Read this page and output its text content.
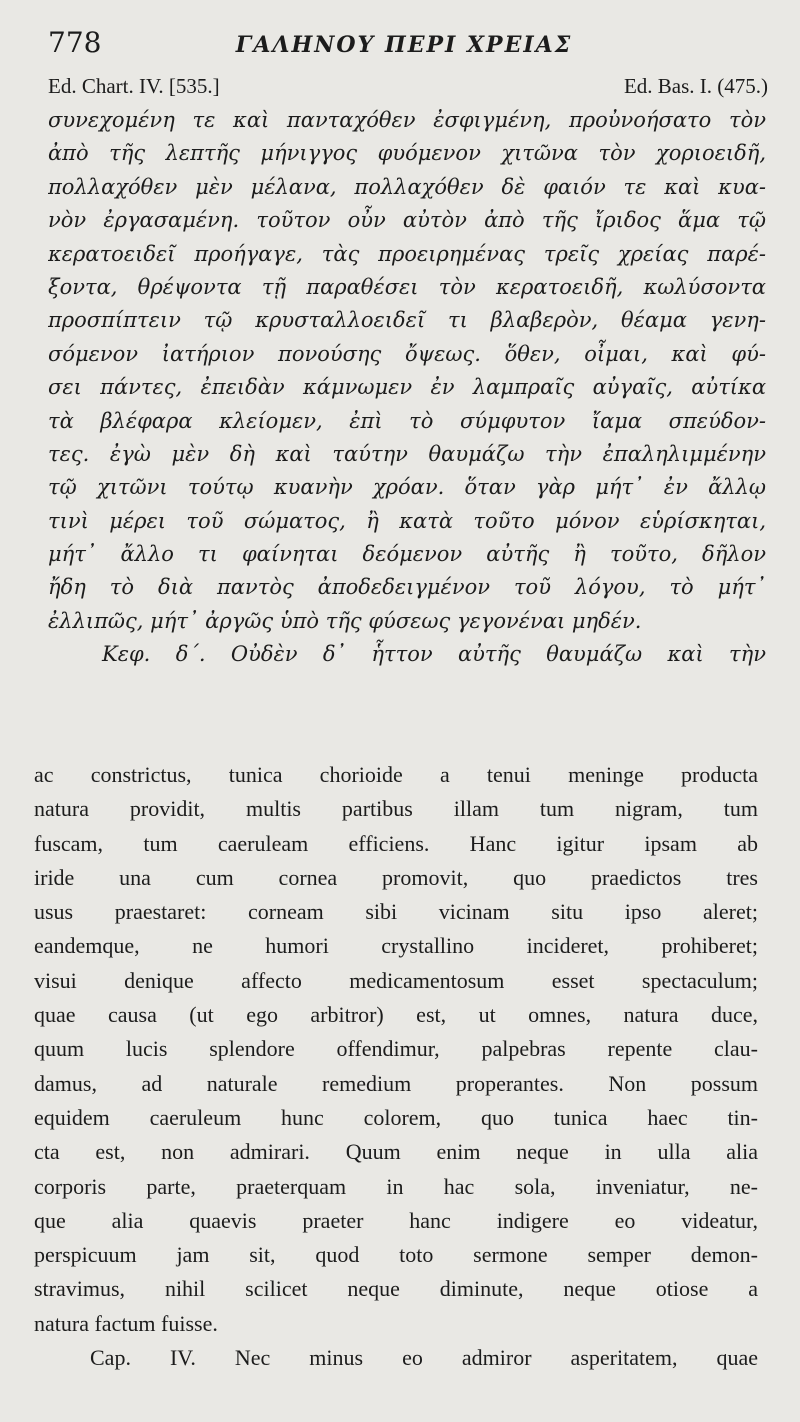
778	ΓΑΛΗΝΟΥ ΠΕΡΙ ΧΡΕΙΑΣ
Ed. Chart. IV. [535.]	Ed. Bas. I. (475.)
συνεχομένη τε καὶ πανταχόθεν ἐσφιγμένη, προὐνοήσατο τὸν
ἀπὸ τῆς λεπτῆς μήνιγγος φυόμενον χιτῶνα τὸν χοριοειδῆ,
πολλαχόθεν μὲν μέλανα, πολλαχόθεν δὲ φαιόν τε καὶ κυα-
νὸν ἐργασαμένη. τοῦτον οὖν αὐτὸν ἀπὸ τῆς ἴριδος ἅμα τῷ
κερατοειδεῖ προήγαγε, τὰς προειρημένας τρεῖς χρείας παρέ-
ξοντα, θρέψοντα τῇ παραθέσει τὸν κερατοειδῆ, κωλύσοντα
προσπίπτειν τῷ κρυσταλλοειδεῖ τι βλαβερὸν, θέαμα γενη-
σόμενον ἰατήριον πονούσης ὄψεως. ὅθεν, οἶμαι, καὶ φύ-
σει πάντες, ἐπειδὰν κάμνωμεν ἐν λαμπραῖς αὐγαῖς, αὐτίκα
τὰ βλέφαρα κλείομεν, ἐπὶ τὸ σύμφυτον ἴαμα σπεύδον-
τες. ἐγὼ μὲν δὴ καὶ ταύτην θαυμάζω τὴν ἐπαληλιμμένην
τῷ χιτῶνι τούτῳ κυανὴν χρόαν. ὅταν γὰρ μήτ᾽ ἐν ἄλλῳ
τινὶ μέρει τοῦ σώματος, ἢ κατὰ τοῦτο μόνον εὑρίσκηται,
μήτ᾽ ἄλλο τι φαίνηται δεόμενον αὐτῆς ἢ τοῦτο, δῆλον
ἤδη τὸ διὰ παντὸς ἀποδεδειγμένον τοῦ λόγου, τὸ μήτ᾽
ἐλλιπῶς, μήτ᾽ ἀργῶς ὑπὸ τῆς φύσεως γεγονέναι μηδέν.
Κεφ. δ΄. Οὐδὲν δ᾽ ἧττον αὐτῆς θαυμάζω καὶ τὴν
ac constrictus, tunica chorioide a tenui meninge producta
natura providit, multis partibus illam tum nigram, tum
fuscam, tum caeruleam efficiens. Hanc igitur ipsam ab
iride una cum cornea promovit, quo praedictos tres
usus praestaret: corneam sibi vicinam situ ipso aleret;
eandemque, ne humori crystallino incideret, prohiberet;
visui denique affecto medicamentosum esset spectaculum;
quae causa (ut ego arbitror) est, ut omnes, natura duce,
quum lucis splendore offendimur, palpebras repente clau-
damus, ad naturale remedium properantes. Non possum
equidem caeruleum hunc colorem, quo tunica haec tin-
cta est, non admirari. Quum enim neque in ulla alia
corporis parte, praeterquam in hac sola, inveniatur, ne-
que alia quaevis praeter hanc indigere eo videatur,
perspicuum jam sit, quod toto sermone semper demon-
stravimus, nihil scilicet neque diminute, neque otiose a
natura factum fuisse.
Cap. IV. Nec minus eo admiror asperitatem, quae
